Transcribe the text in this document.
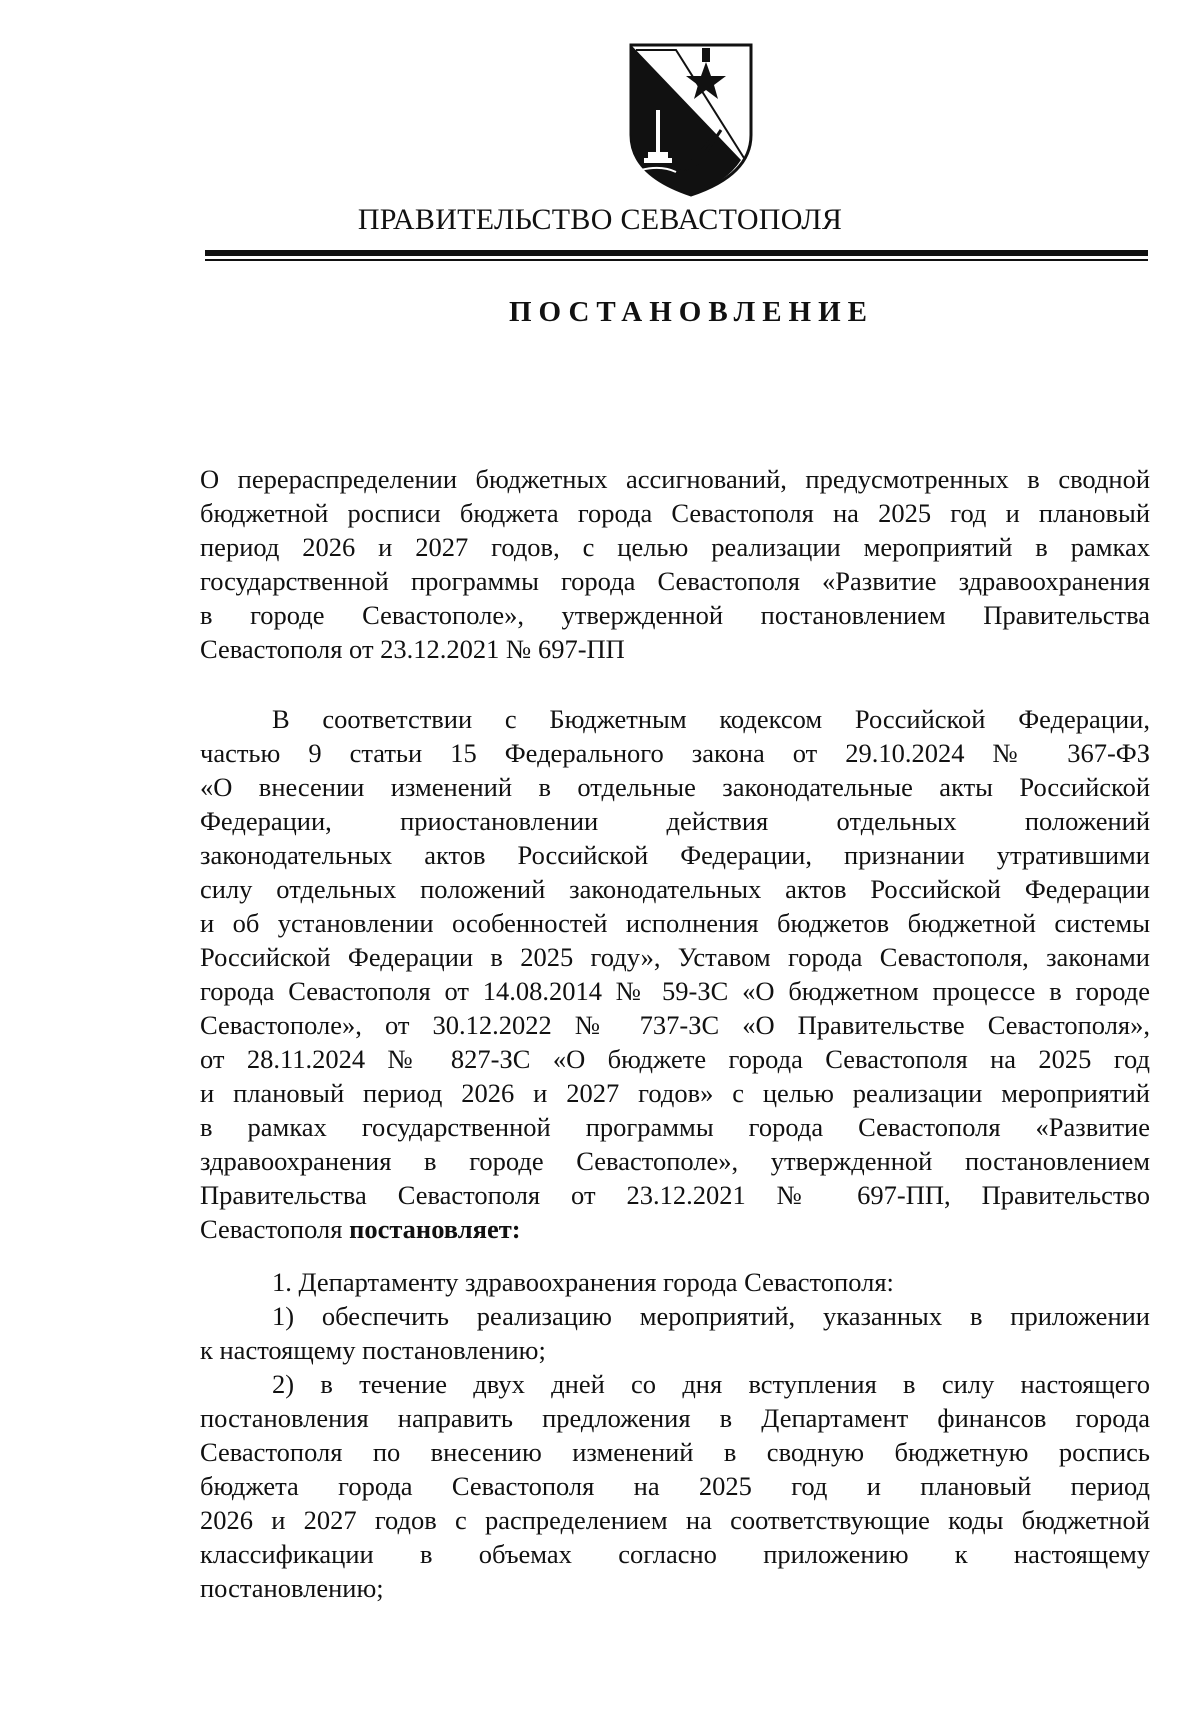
ПРАВИТЕЛЬСТВО СЕВАСТОПОЛЯ
ПОСТАНОВЛЕНИЕ
О перераспределении бюджетных ассигнований, предусмотренных в сводной
бюджетной росписи бюджета города Севастополя на 2025 год и плановый
период 2026 и 2027 годов, с целью реализации мероприятий в рамках
государственной программы города Севастополя «Развитие здравоохранения
в городе Севастополе», утвержденной постановлением Правительства
Севастополя от 23.12.2021 № 697-ПП
В соответствии с Бюджетным кодексом Российской Федерации,
частью 9 статьи 15 Федерального закона от 29.10.2024 № 367-ФЗ
«О внесении изменений в отдельные законодательные акты Российской
Федерации, приостановлении действия отдельных положений
законодательных актов Российской Федерации, признании утратившими
силу отдельных положений законодательных актов Российской Федерации
и об установлении особенностей исполнения бюджетов бюджетной системы
Российской Федерации в 2025 году», Уставом города Севастополя, законами
города Севастополя от 14.08.2014 № 59-ЗС «О бюджетном процессе в городе
Севастополе», от 30.12.2022 № 737-ЗС «О Правительстве Севастополя»,
от 28.11.2024 № 827-ЗС «О бюджете города Севастополя на 2025 год
и плановый период 2026 и 2027 годов» с целью реализации мероприятий
в рамках государственной программы города Севастополя «Развитие
здравоохранения в городе Севастополе», утвержденной постановлением
Правительства Севастополя от 23.12.2021 № 697-ПП, Правительство
Севастополя постановляет:
1. Департаменту здравоохранения города Севастополя:
1) обеспечить реализацию мероприятий, указанных в приложении
к настоящему постановлению;
2) в течение двух дней со дня вступления в силу настоящего
постановления направить предложения в Департамент финансов города
Севастополя по внесению изменений в сводную бюджетную роспись
бюджета города Севастополя на 2025 год и плановый период
2026 и 2027 годов с распределением на соответствующие коды бюджетной
классификации в объемах согласно приложению к настоящему
постановлению;
